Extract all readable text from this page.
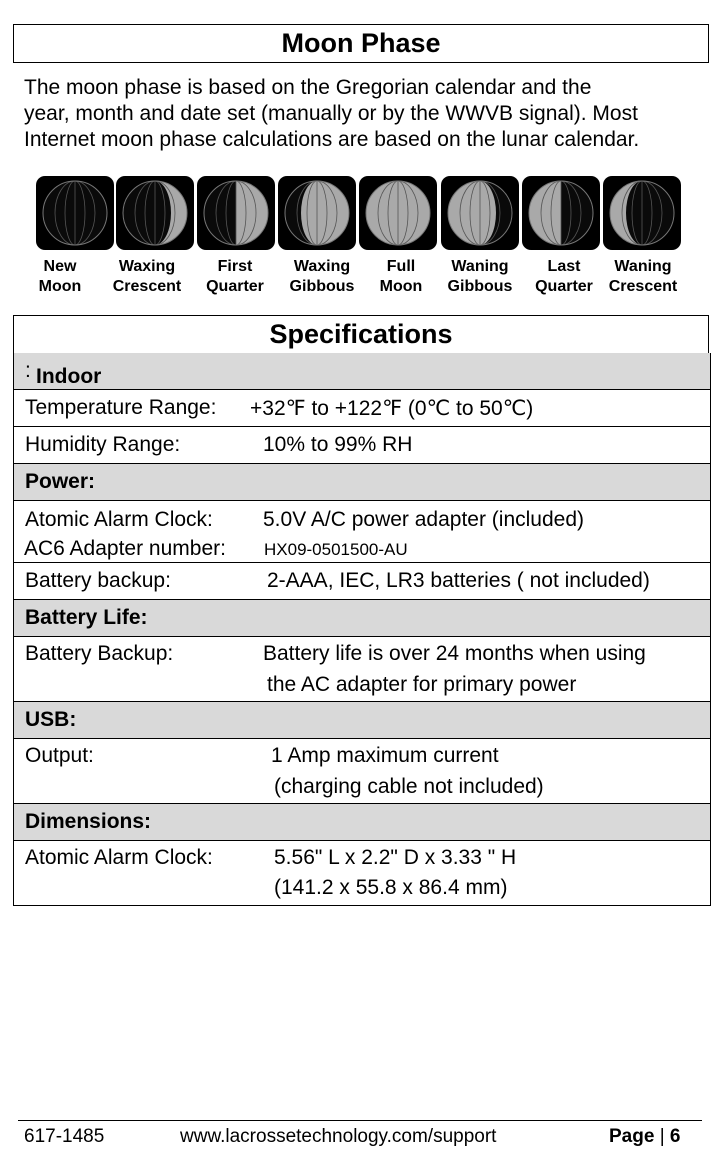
Moon Phase
The moon phase is based on the Gregorian calendar and the
year, month and date set (manually or by the WWVB signal). Most
Internet moon phase calculations are based on the lunar calendar.
New
Moon
Waxing
Crescent
First
Quarter
Waxing
Gibbous
Full
Moon
Waning
Gibbous
Last
Quarter
Waning
Crescent
Specifications
Indoor
:
Temperature Range: +32℉ to +122℉ (0℃ to 50℃)
Humidity Range:	10% to 99% RH
Power:
Atomic Alarm Clock: 5.0V A/C power adapter (included)
AC6 Adapter number: HX09-0501500-AU
Battery backup:	2-AAA, IEC, LR3 batteries ( not included)
Battery Life:
Battery Backup:	Battery life is over 24 months when using
the AC adapter for primary power
USB:
Output:	1 Amp maximum current
(charging cable not included)
Dimensions:
Atomic Alarm Clock:	5.56" L x 2.2" D x 3.33 " H
(141.2 x 55.8 x 86.4 mm)
617-1485	www.lacrossetechnology.com/support	Page | 6
